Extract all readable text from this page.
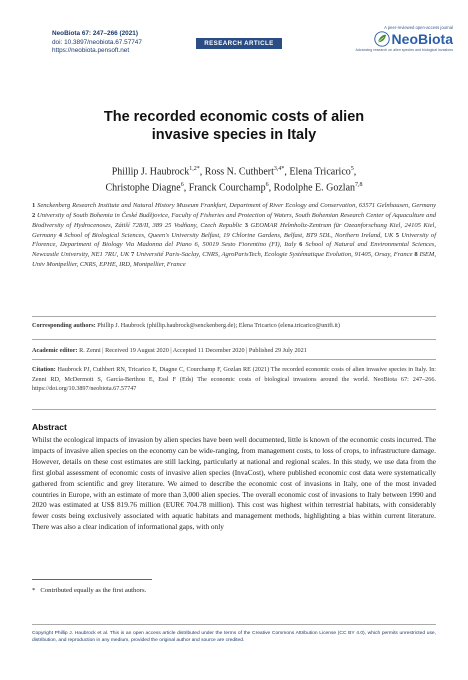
NeoBiota 67: 247–266 (2021)
doi: 10.3897/neobiota.67.57747
https://neobiota.pensoft.net
RESEARCH ARTICLE
A peer-reviewed open-access journal
NeoBiota
Advancing research on alien species and biological invasions
The recorded economic costs of alien
invasive species in Italy
Phillip J. Haubrock$^{1,2*}$, Ross N. Cuthbert$^{3,4*}$, Elena Tricarico$^5$,
Christophe Diagne$^6$, Franck Courchamp$^6$, Rodolphe E. Gozlan$^{7,8}$
1 Senckenberg Research Institute and Natural History Museum Frankfurt, Department of River Ecology and Conservation, 63571 Gelnhausen, Germany 2 University of South Bohemia in České Budějovice, Faculty of Fisheries and Protection of Waters, South Bohemian Research Center of Aquaculture and Biodiversity of Hydrocenoses, Zátiší 728/II, 389 25 Vodňany, Czech Republic 3 GEOMAR Helmholtz-Zentrum für Ozeanforschung Kiel, 24105 Kiel, Germany 4 School of Biological Sciences, Queen's University Belfast, 19 Chlorine Gardens, Belfast, BT9 5DL, Northern Ireland, UK 5 University of Florence, Department of Biology Via Madonna del Piano 6, 50019 Sesto Fiorentino (FI), Italy 6 School of Natural and Environmental Sciences, Newcastle University, NE1 7RU, UK 7 Université Paris-Saclay, CNRS, AgroParisTech, Ecologie Systématique Evolution, 91405, Orsay, France 8 ISEM, Univ Montpellier, CNRS, EPHE, IRD, Montpellier, France
Corresponding authors: Phillip J. Haubrock (phillip.haubrock@senckenberg.de); Elena Tricarico (elena.tricarico@unifi.it)
Academic editor: R. Zenni | Received 19 August 2020 | Accepted 11 December 2020 | Published 29 July 2021
Citation: Haubrock PJ, Cuthbert RN, Tricarico E, Diagne C, Courchamp F, Gozlan RE (2021) The recorded economic costs of alien invasive species in Italy. In: Zenni RD, McDermott S, García-Berthou E, Essl F (Eds) The economic costs of biological invasions around the world. NeoBiota 67: 247–266. https://doi.org/10.3897/neobiota.67.57747
Abstract
Whilst the ecological impacts of invasion by alien species have been well documented, little is known of the economic costs incurred. The impacts of invasive alien species on the economy can be wide-ranging, from management costs, to loss of crops, to infrastructure damage. However, details on these cost estimates are still lacking, particularly at national and regional scales. In this study, we use data from the first global assessment of economic costs of invasive alien species (InvaCost), where published economic cost data were systematically gathered from scientific and grey literature. We aimed to describe the economic cost of invasions in Italy, one of the most invaded countries in Europe, with an estimate of more than 3,000 alien species. The overall economic cost of invasions to Italy between 1990 and 2020 was estimated at US$ 819.76 million (EUR€ 704.78 million). This cost was highest within terrestrial habitats, with considerably fewer costs being exclusively associated with aquatic habitats and management methods, highlighting a bias within current literature. There was also a clear indication of informational gaps, with only
*   Contributed equally as the first authors.
Copyright Phillip J. Haubrock et al. This is an open access article distributed under the terms of the Creative Commons Attribution License (CC BY 4.0), which permits unrestricted use, distribution, and reproduction in any medium, provided the original author and source are credited.
